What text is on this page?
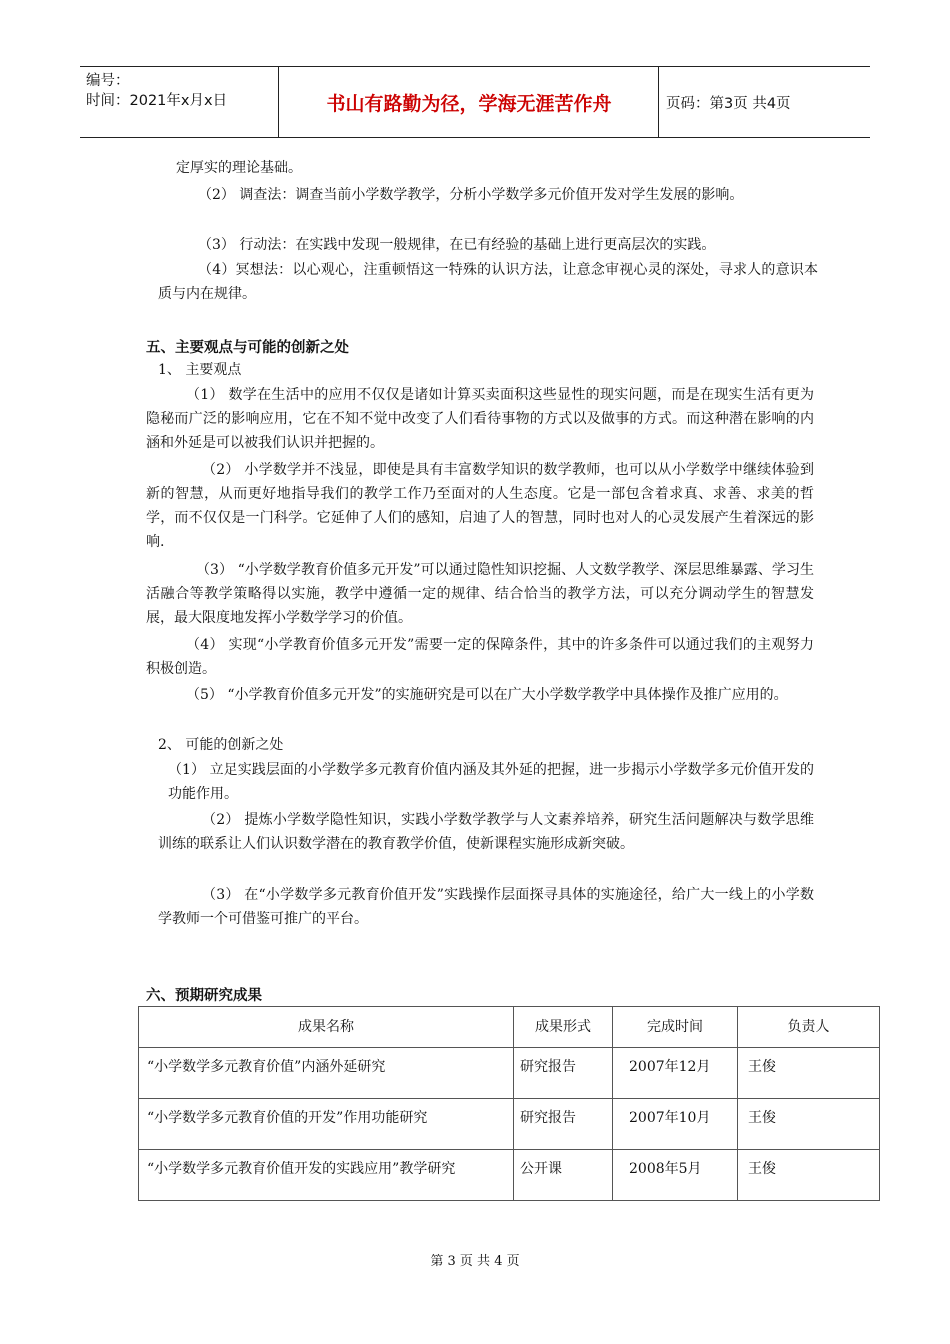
编号：
时间：2021年x月x日	书山有路勤为径，学海无涯苦作舟	页码：第3页 共4页
定厚实的理论基础。
（2） 调查法：调查当前小学数学教学，分析小学数学多元价值开发对学生发展的影响。
（3） 行动法：在实践中发现一般规律，在已有经验的基础上进行更高层次的实践。
（4）冥想法：以心观心，注重顿悟这一特殊的认识方法，让意念审视心灵的深处，寻求人的意识本质与内在规律。
五、主要观点与可能的创新之处
1、 主要观点
（1） 数学在生活中的应用不仅仅是诸如计算买卖面积这些显性的现实问题，而是在现实生活有更为隐秘而广泛的影响应用，它在不知不觉中改变了人们看待事物的方式以及做事的方式。而这种潜在影响的内涵和外延是可以被我们认识并把握的。
（2） 小学数学并不浅显，即使是具有丰富数学知识的数学教师，也可以从小学数学中继续体验到新的智慧，从而更好地指导我们的教学工作乃至面对的人生态度。它是一部包含着求真、求善、求美的哲学，而不仅仅是一门科学。它延伸了人们的感知，启迪了人的智慧，同时也对人的心灵发展产生着深远的影响.
（3） “小学数学教育价值多元开发”可以通过隐性知识挖掘、人文数学教学、深层思维暴露、学习生活融合等教学策略得以实施，教学中遵循一定的规律、结合恰当的教学方法，可以充分调动学生的智慧发展，最大限度地发挥小学数学学习的价值。
（4） 实现“小学教育价值多元开发”需要一定的保障条件，其中的许多条件可以通过我们的主观努力积极创造。
（5） “小学教育价值多元开发”的实施研究是可以在广大小学数学教学中具体操作及推广应用的。
2、 可能的创新之处
（1） 立足实践层面的小学数学多元教育价值内涵及其外延的把握，进一步揭示小学数学多元价值开发的功能作用。
（2） 提炼小学数学隐性知识，实践小学数学教学与人文素养培养，研究生活问题解决与数学思维训练的联系让人们认识数学潜在的教育教学价值，使新课程实施形成新突破。
（3） 在“小学数学多元教育价值开发”实践操作层面探寻具体的实施途径，给广大一线上的小学数学教师一个可借鉴可推广的平台。
六、预期研究成果
成果名称	成果形式	完成时间	负责人
“小学数学多元教育价值”内涵外延研究	研究报告	2007年12月	王俊
“小学数学多元教育价值的开发”作用功能研究	研究报告	2007年10月	王俊
“小学数学多元教育价值开发的实践应用”教学研究	公开课	2008年5月	王俊
第 3 页 共 4 页
